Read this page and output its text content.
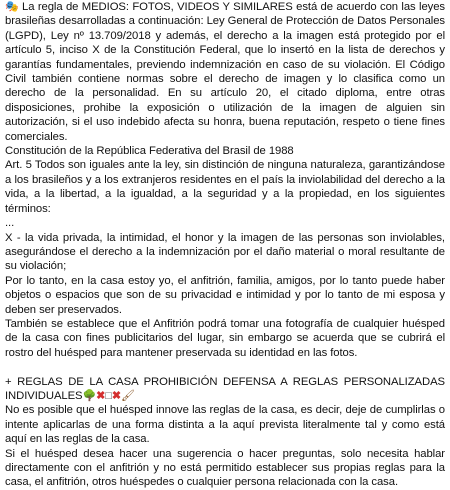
🎭 La regla de MEDIOS: FOTOS, VIDEOS Y SIMILARES está de acuerdo con las leyes brasileñas desarrolladas a continuación: Ley General de Protección de Datos Personales (LGPD), Ley nº 13.709/2018 y además, el derecho a la imagen está protegido por el artículo 5, inciso X de la Constitución Federal, que lo insertó en la lista de derechos y garantías fundamentales, previendo indemnización en caso de su violación. El Código Civil también contiene normas sobre el derecho de imagen y lo clasifica como un derecho de la personalidad. En su artículo 20, el citado diploma, entre otras disposiciones, prohibe la exposición o utilización de la imagen de alguien sin autorización, si el uso indebido afecta su honra, buena reputación, respeto o tiene fines comerciales.

Constitución de la República Federativa del Brasil de 1988

Art. 5 Todos son iguales ante la ley, sin distinción de ninguna naturaleza, garantizándose a los brasileños y a los extranjeros residentes en el país la inviolabilidad del derecho a la vida, a la libertad, a la igualdad, a la seguridad y a la propiedad, en los siguientes términos:

...

X - la vida privada, la intimidad, el honor y la imagen de las personas son inviolables, asegurándose el derecho a la indemnización por el daño material o moral resultante de su violación;

Por lo tanto, en la casa estoy yo, el anfitrión, familia, amigos, por lo tanto puede haber objetos o espacios que son de su privacidad e intimidad y por lo tanto de mi esposa y deben ser preservados.

También se establece que el Anfitrión podrá tomar una fotografía de cualquier huésped de la casa con fines publicitarios del lugar, sin embargo se acuerda que se cubrirá el rostro del huésped para mantener preservada su identidad en las fotos.

+ REGLAS DE LA CASA PROHIBICIÓN DEFENSA A REGLAS PERSONALIZADAS INDIVIDUALES🌳✖□✖🖌

No es posible que el huésped innove las reglas de la casa, es decir, deje de cumplirlas o intente aplicarlas de una forma distinta a la aquí prevista literalmente tal y como está aquí en las reglas de la casa.

Si el huésped desea hacer una sugerencia o hacer preguntas, solo necesita hablar directamente con el anfitrión y no está permitido establecer sus propias reglas para la casa, el anfitrión, otros huéspedes o cualquier persona relacionada con la casa.
